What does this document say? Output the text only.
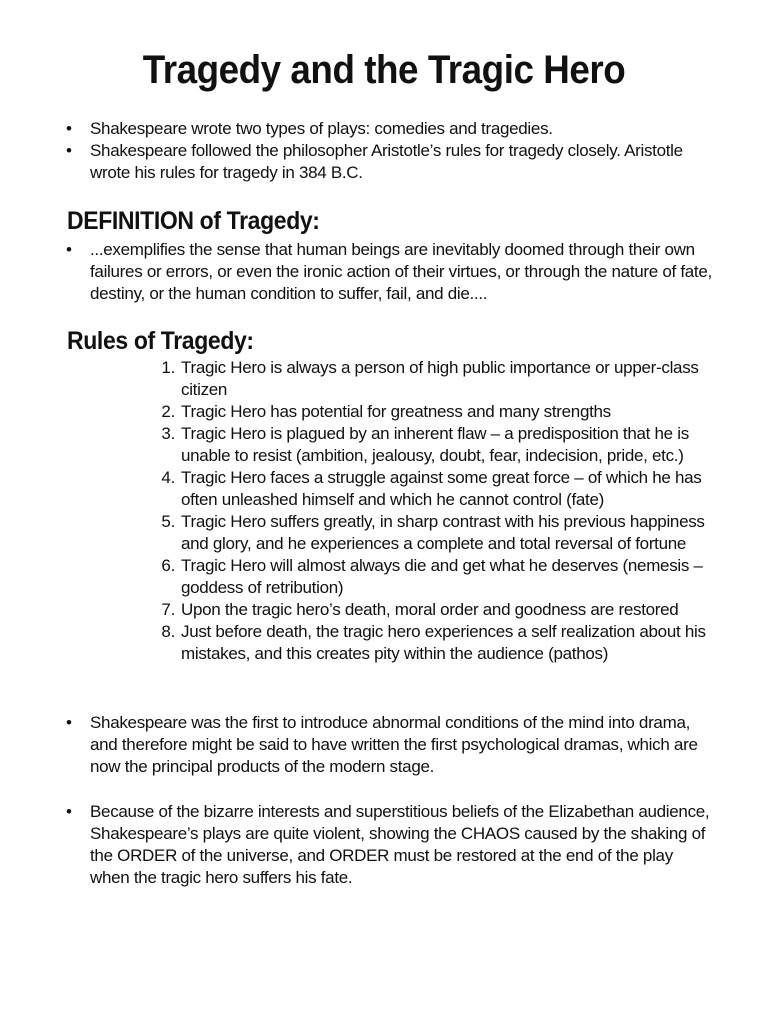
Tragedy and the Tragic Hero
• Shakespeare wrote two types of plays: comedies and tragedies.
• Shakespeare followed the philosopher Aristotle’s rules for tragedy closely. Aristotle wrote his rules for tragedy in 384 B.C.
DEFINITION of Tragedy:
• ...exemplifies the sense that human beings are inevitably doomed through their own failures or errors, or even the ironic action of their virtues, or through the nature of fate, destiny, or the human condition to suffer, fail, and die....
Rules of Tragedy:
1. Tragic Hero is always a person of high public importance or upper-class citizen
2. Tragic Hero has potential for greatness and many strengths
3. Tragic Hero is plagued by an inherent flaw – a predisposition that he is unable to resist (ambition, jealousy, doubt, fear, indecision, pride, etc.)
4. Tragic Hero faces a struggle against some great force – of which he has often unleashed himself and which he cannot control (fate)
5. Tragic Hero suffers greatly, in sharp contrast with his previous happiness and glory, and he experiences a complete and total reversal of fortune
6. Tragic Hero will almost always die and get what he deserves (nemesis – goddess of retribution)
7. Upon the tragic hero’s death, moral order and goodness are restored
8. Just before death, the tragic hero experiences a self realization about his mistakes, and this creates pity within the audience (pathos)
• Shakespeare was the first to introduce abnormal conditions of the mind into drama, and therefore might be said to have written the first psychological dramas, which are now the principal products of the modern stage.
• Because of the bizarre interests and superstitious beliefs of the Elizabethan audience, Shakespeare’s plays are quite violent, showing the CHAOS caused by the shaking of the ORDER of the universe, and ORDER must be restored at the end of the play when the tragic hero suffers his fate.
